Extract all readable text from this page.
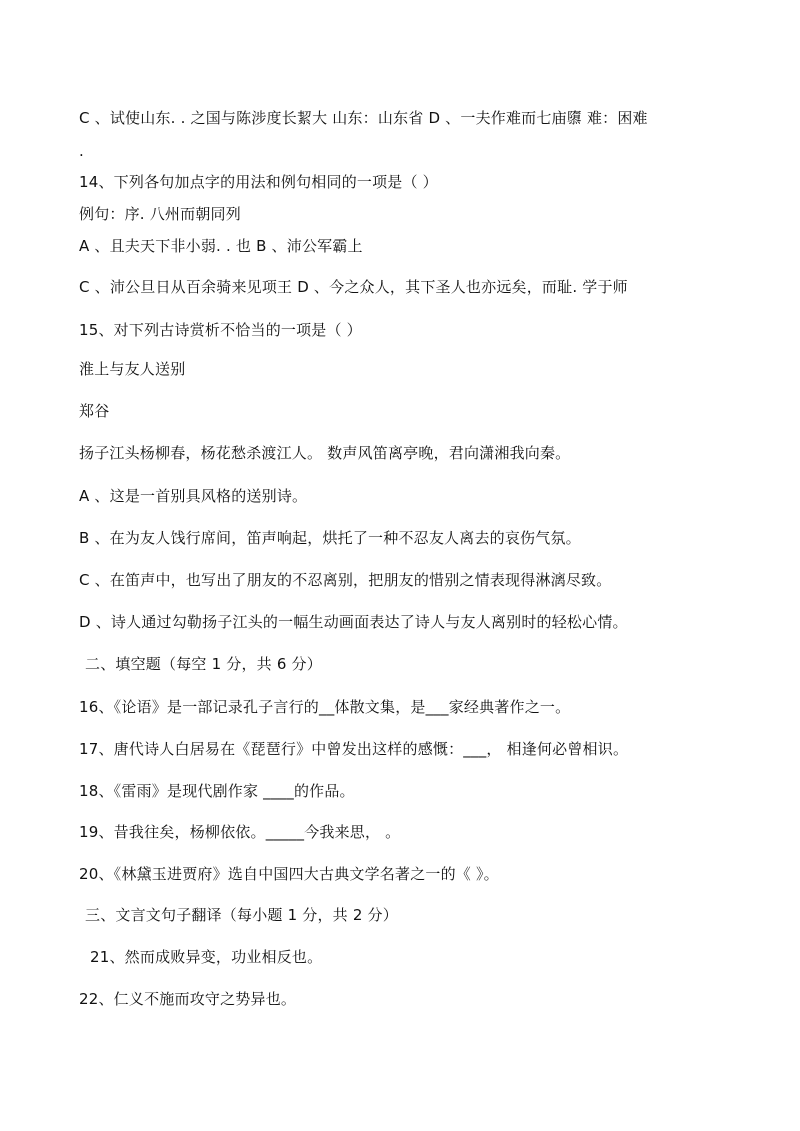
C 、试使山东. . 之国与陈涉度长絜大 山东：山东省 D 、一夫作难而七庙隳 难：困难
.
14、下列各句加点字的用法和例句相同的一项是（ ）
例句：序. 八州而朝同列
A 、且夫天下非小弱. . 也 B 、沛公军霸上
C 、沛公旦日从百余骑来见项王 D 、今之众人，其下圣人也亦远矣，而耻. 学于师
15、对下列古诗赏析不恰当的一项是（ ）
淮上与友人送别
郑谷
扬子江头杨柳春，杨花愁杀渡江人。 数声风笛离亭晚，君向潇湘我向秦。
A 、这是一首别具风格的送别诗。
B 、在为友人饯行席间，笛声响起，烘托了一种不忍友人离去的哀伤气氛。
C 、在笛声中，也写出了朋友的不忍离别，把朋友的惜别之情表现得淋漓尽致。
D 、诗人通过勾勒扬子江头的一幅生动画面表达了诗人与友人离别时的轻松心情。
二、填空题（每空 1 分，共 6 分）
16、《论语》是一部记录孔子言行的__体散文集，是___家经典著作之一。
17、唐代诗人白居易在《琵琶行》中曾发出这样的感慨：___， 相逢何必曾相识。
18、《雷雨》是现代剧作家 ____的作品。
19、昔我往矣，杨柳依依。_____今我来思， 。
20、《林黛玉进贾府》选自中国四大古典文学名著之一的《 》。
三、文言文句子翻译（每小题 1 分，共 2 分）
21、然而成败异变，功业相反也。
22、仁义不施而攻守之势异也。
